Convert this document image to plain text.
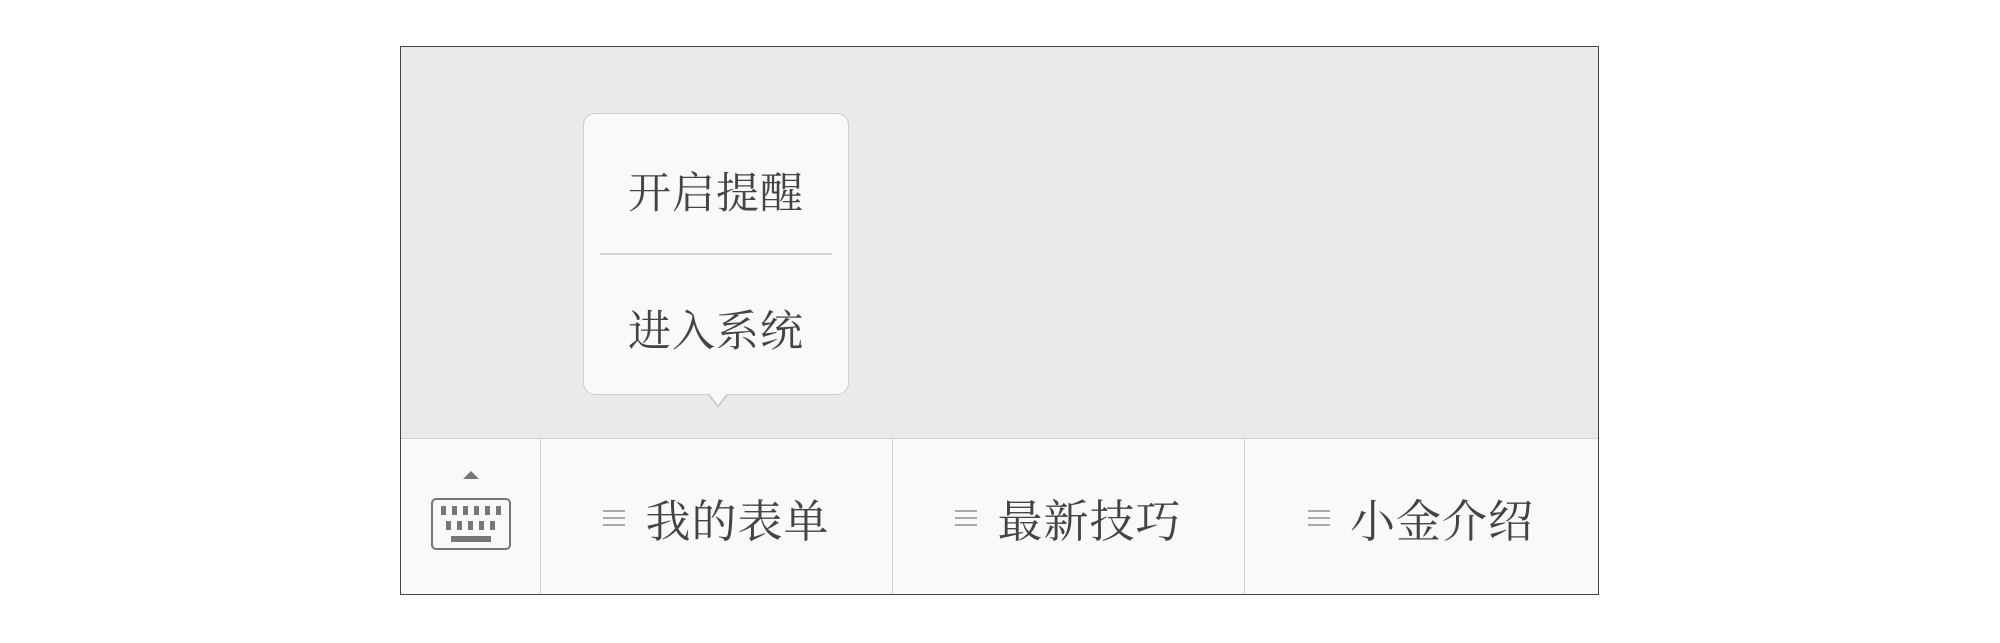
开启提醒
进入系统
我的表单	最新技巧	小金介绍
